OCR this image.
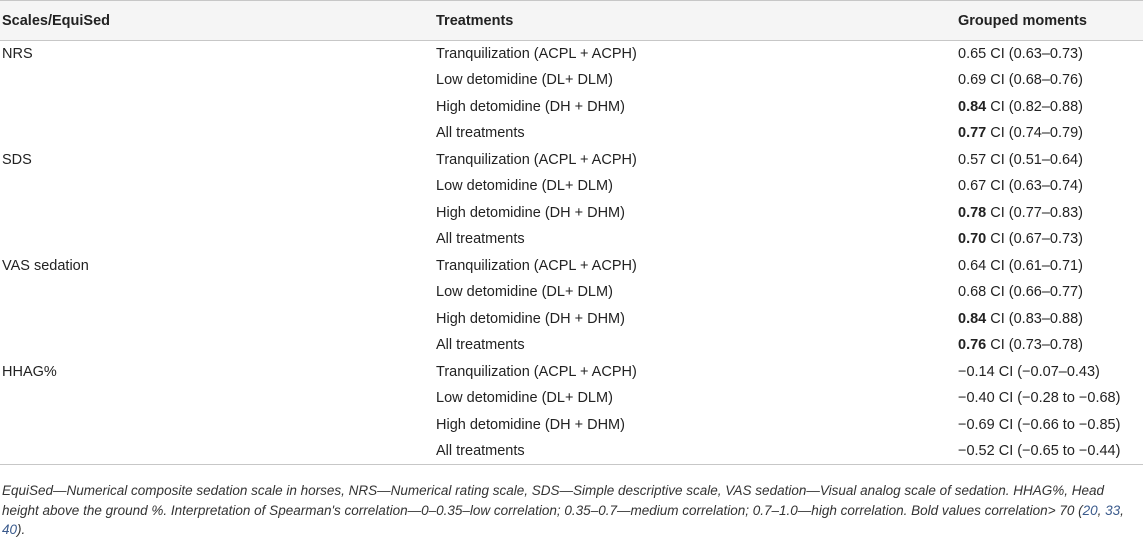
Scales/EquiSed	Treatments	Grouped moments
NRS	Tranquilization (ACPL + ACPH)	0.65 CI (0.63–0.73)
	Low detomidine (DL+ DLM)	0.69 CI (0.68–0.76)
	High detomidine (DH + DHM)	0.84 CI (0.82–0.88)
	All treatments	0.77 CI (0.74–0.79)
SDS	Tranquilization (ACPL + ACPH)	0.57 CI (0.51–0.64)
	Low detomidine (DL+ DLM)	0.67 CI (0.63–0.74)
	High detomidine (DH + DHM)	0.78 CI (0.77–0.83)
	All treatments	0.70 CI (0.67–0.73)
VAS sedation	Tranquilization (ACPL + ACPH)	0.64 CI (0.61–0.71)
	Low detomidine (DL+ DLM)	0.68 CI (0.66–0.77)
	High detomidine (DH + DHM)	0.84 CI (0.83–0.88)
	All treatments	0.76 CI (0.73–0.78)
HHAG%	Tranquilization (ACPL + ACPH)	−0.14 CI (−0.07–0.43)
	Low detomidine (DL+ DLM)	−0.40 CI (−0.28 to −0.68)
	High detomidine (DH + DHM)	−0.69 CI (−0.66 to −0.85)
	All treatments	−0.52 CI (−0.65 to −0.44)
EquiSed—Numerical composite sedation scale in horses, NRS—Numerical rating scale, SDS—Simple descriptive scale, VAS sedation—Visual analog scale of sedation. HHAG%, Head height above the ground %. Interpretation of Spearman's correlation—0–0.35–low correlation; 0.35–0.7—medium correlation; 0.7–1.0—high correlation. Bold values correlation> 70 (20, 33, 40).
